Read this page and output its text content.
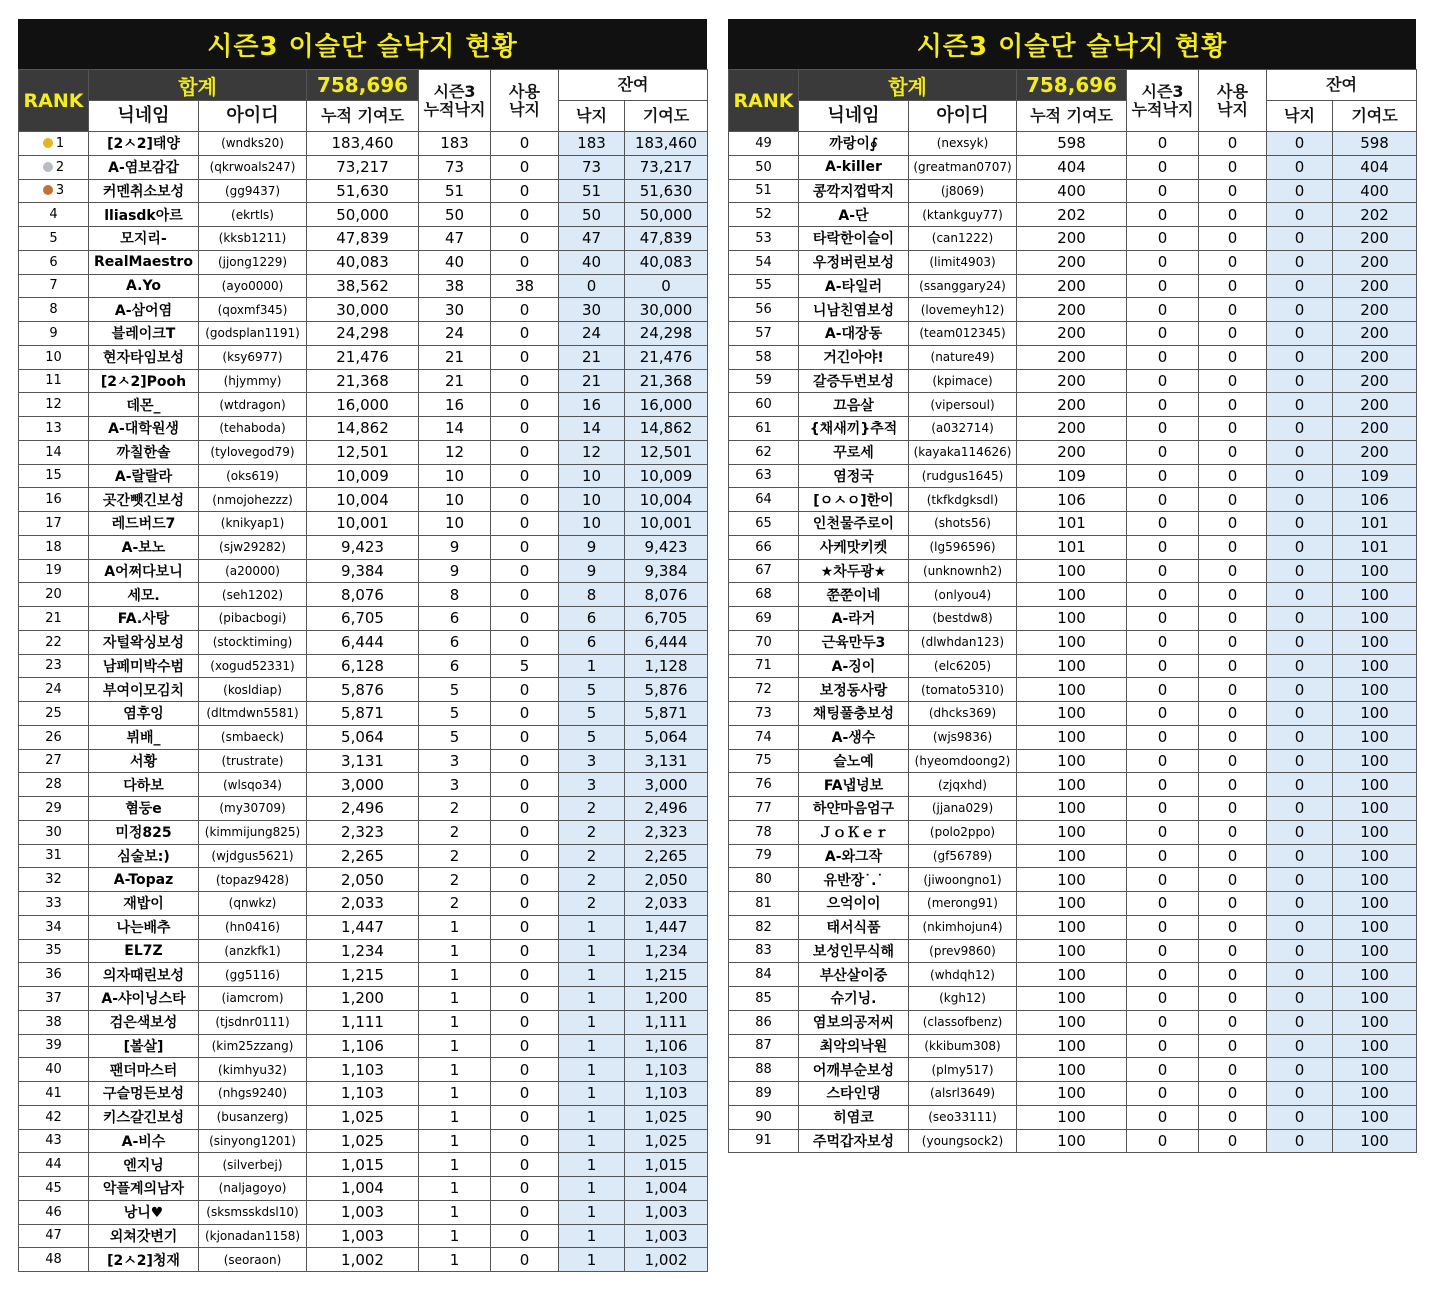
시즌3 이슬단 슬낙지 현황
RANK	합계		758,696	시즌3
누적낙지	사용
낙지	잔여	
	닉네임	아이디	누적 기여도			낙지	기여도
1	[2ㅅ2]태양	(wndks20)	183,460	183	0	183	183,460
2	A-염보감갑	(qkrwoals247)	73,217	73	0	73	73,217
3	커멘취소보성	(gg9437)	51,630	51	0	51	51,630
4	lliasdk아르	(ekrtls)	50,000	50	0	50	50,000
5	모지리-	(kksb1211)	47,839	47	0	47	47,839
6	RealMaestro	(jjong1229)	40,083	40	0	40	40,083
7	A.Yo	(ayo0000)	38,562	38	38	0	0
8	A-삼어염	(qoxmf345)	30,000	30	0	30	30,000
9	블레이크T	(godsplan1191)	24,298	24	0	24	24,298
10	현자타임보성	(ksy6977)	21,476	21	0	21	21,476
11	[2ㅅ2]Pooh	(hjymmy)	21,368	21	0	21	21,368
12	데몬_	(wtdragon)	16,000	16	0	16	16,000
13	A-대학원생	(tehaboda)	14,862	14	0	14	14,862
14	까칠한솔	(tylovegod79)	12,501	12	0	12	12,501
15	A-랄랄라	(oks619)	10,009	10	0	10	10,009
16	곳간뺏긴보성	(nmojohezzz)	10,004	10	0	10	10,004
17	레드버드7	(knikyap1)	10,001	10	0	10	10,001
18	A-보노	(sjw29282)	9,423	9	0	9	9,423
19	A어쩌다보니	(a20000)	9,384	9	0	9	9,384
20	세모.	(seh1202)	8,076	8	0	8	8,076
21	FA.사탕	(pibacbogi)	6,705	6	0	6	6,705
22	자털왁싱보성	(stocktiming)	6,444	6	0	6	6,444
23	남페미박수범	(xogud52331)	6,128	6	5	1	1,128
24	부여이모김치	(kosldiap)	5,876	5	0	5	5,876
25	염후잉	(dltmdwn5581)	5,871	5	0	5	5,871
26	뷔배_	(smbaeck)	5,064	5	0	5	5,064
27	서황	(trustrate)	3,131	3	0	3	3,131
28	다하보	(wlsqo34)	3,000	3	0	3	3,000
29	혐둥e	(my30709)	2,496	2	0	2	2,496
30	미정825	(kimmijung825)	2,323	2	0	2	2,323
31	심술보:)	(wjdgus5621)	2,265	2	0	2	2,265
32	A-Topaz	(topaz9428)	2,050	2	0	2	2,050
33	재밥이	(qnwkz)	2,033	2	0	2	2,033
34	나는배추	(hn0416)	1,447	1	0	1	1,447
35	EL7Z	(anzkfk1)	1,234	1	0	1	1,234
36	의자때린보성	(gg5116)	1,215	1	0	1	1,215
37	A-샤이닝스타	(iamcrom)	1,200	1	0	1	1,200
38	검은색보성	(tjsdnr0111)	1,111	1	0	1	1,111
39	[볼살]	(kim25zzang)	1,106	1	0	1	1,106
40	팬더마스터	(kimhyu32)	1,103	1	0	1	1,103
41	구슬멍든보성	(nhgs9240)	1,103	1	0	1	1,103
42	키스갈긴보성	(busanzerg)	1,025	1	0	1	1,025
43	A-비수	(sinyong1201)	1,025	1	0	1	1,025
44	엔지닝	(silverbej)	1,015	1	0	1	1,015
45	악플계의남자	(naljagoyo)	1,004	1	0	1	1,004
46	낭니♥	(sksmsskdsl10)	1,003	1	0	1	1,003
47	외쳐갓변기	(kjonadan1158)	1,003	1	0	1	1,003
48	[2ㅅ2]청재	(seoraon)	1,002	1	0	1	1,002
시즌3 이슬단 슬낙지 현황
RANK	합계		758,696	시즌3
누적낙지	사용
낙지	잔여	
	닉네임	아이디	누적 기여도			낙지	기여도
49	까랑이∮	(nexsyk)	598	0	0	0	598
50	A-killer	(greatman0707)	404	0	0	0	404
51	콩깍지껍딱지	(j8069)	400	0	0	0	400
52	A-단	(ktankguy77)	202	0	0	0	202
53	타락한이슬이	(can1222)	200	0	0	0	200
54	우정버린보성	(limit4903)	200	0	0	0	200
55	A-타일러	(ssanggary24)	200	0	0	0	200
56	니남친염보성	(lovemeyh12)	200	0	0	0	200
57	A-대장동	(team012345)	200	0	0	0	200
58	거긴아야!	(nature49)	200	0	0	0	200
59	갈증두번보성	(kpimace)	200	0	0	0	200
60	끄음살	(vipersoul)	200	0	0	0	200
61	{채새끼}추적	(a032714)	200	0	0	0	200
62	꾸로세	(kayaka114626)	200	0	0	0	200
63	염정국	(rudgus1645)	109	0	0	0	109
64	[ㅇㅅㅇ]한이	(tkfkdgksdl)	106	0	0	0	106
65	인천물주로이	(shots56)	101	0	0	0	101
66	사케맛키켓	(lg596596)	101	0	0	0	101
67	★차두광★	(unknownh2)	100	0	0	0	100
68	쭌쭌이네	(onlyou4)	100	0	0	0	100
69	A-라거	(bestdw8)	100	0	0	0	100
70	근육만두3	(dlwhdan123)	100	0	0	0	100
71	A-징이	(elc6205)	100	0	0	0	100
72	보정동사랑	(tomato5310)	100	0	0	0	100
73	채팅풀충보성	(dhcks369)	100	0	0	0	100
74	A-생수	(wjs9836)	100	0	0	0	100
75	슬노예	(hyeomdoong2)	100	0	0	0	100
76	FA냅넝보	(zjqxhd)	100	0	0	0	100
77	하얀마음엄구	(jjana029)	100	0	0	0	100
78	ＪｏＫｅｒ	(polo2ppo)	100	0	0	0	100
79	A-와그작	(gf56789)	100	0	0	0	100
80	유반장˙.˙	(jiwoongno1)	100	0	0	0	100
81	으억이이	(merong91)	100	0	0	0	100
82	태서식품	(nkimhojun4)	100	0	0	0	100
83	보성인무식해	(prev9860)	100	0	0	0	100
84	부산살이중	(whdqh12)	100	0	0	0	100
85	슈기닝.	(kgh12)	100	0	0	0	100
86	염보의공저씨	(classofbenz)	100	0	0	0	100
87	최악의낙원	(kkibum308)	100	0	0	0	100
88	어깨부순보성	(plmy517)	100	0	0	0	100
89	스타인댕	(alsrl3649)	100	0	0	0	100
90	히염코	(seo33111)	100	0	0	0	100
91	주먹갑자보성	(youngsock2)	100	0	0	0	100
